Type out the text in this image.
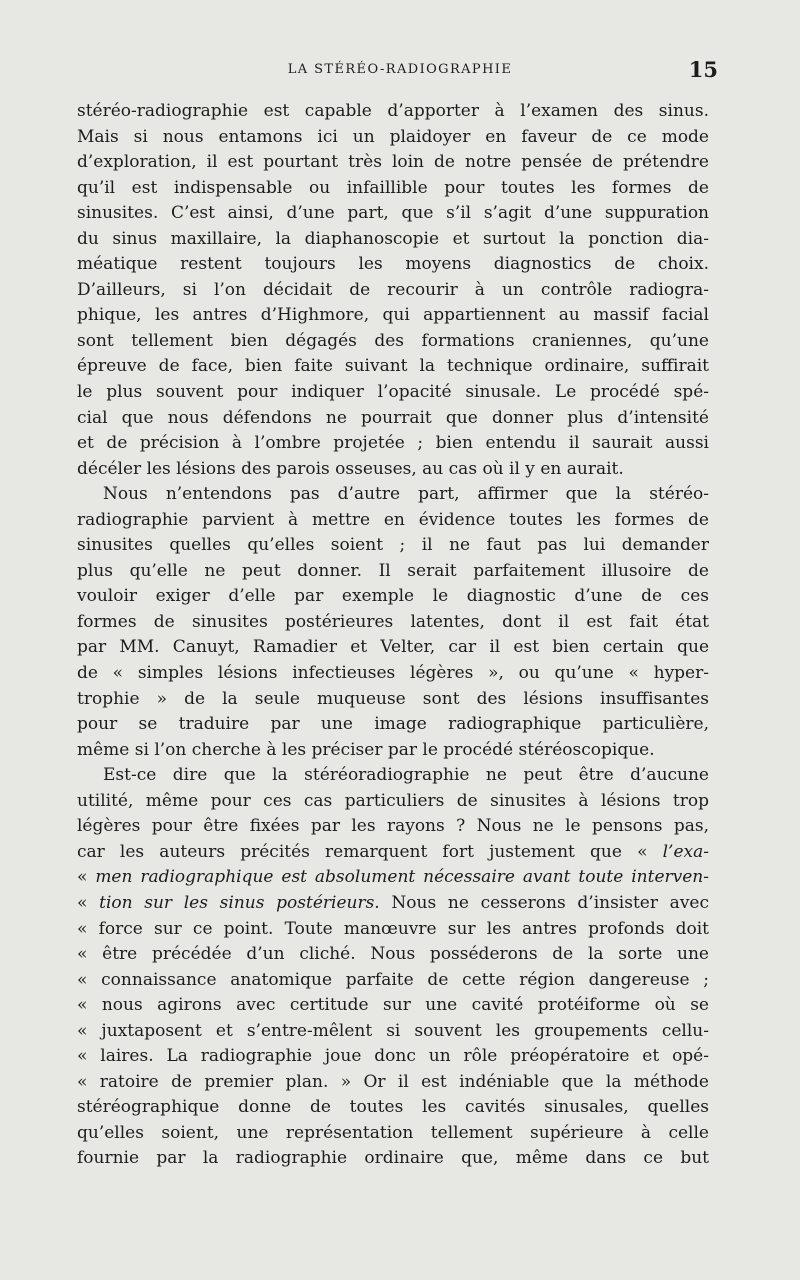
LA STÉRÉO-RADIOGRAPHIE	15
stéréo-radiographie est capable d’apporter à l’examen des sinus.
Mais si nous entamons ici un plaidoyer en faveur de ce mode
d’exploration, il est pourtant très loin de notre pensée de prétendre
qu’il est indispensable ou infaillible pour toutes les formes de
sinusites. C’est ainsi, d’une part, que s’il s’agit d’une suppuration
du sinus maxillaire, la diaphanoscopie et surtout la ponction dia-
méatique restent toujours les moyens diagnostics de choix.
D’ailleurs, si l’on décidait de recourir à un contrôle radiogra-
phique, les antres d’Highmore, qui appartiennent au massif facial
sont tellement bien dégagés des formations craniennes, qu’une
épreuve de face, bien faite suivant la technique ordinaire, suffirait
le plus souvent pour indiquer l’opacité sinusale. Le procédé spé-
cial que nous défendons ne pourrait que donner plus d’intensité
et de précision à l’ombre projetée ; bien entendu il saurait aussi
décéler les lésions des parois osseuses, au cas où il y en aurait.
Nous n’entendons pas d’autre part, affirmer que la stéréo-
radiographie parvient à mettre en évidence toutes les formes de
sinusites quelles qu’elles soient ; il ne faut pas lui demander
plus qu’elle ne peut donner. Il serait parfaitement illusoire de
vouloir exiger d’elle par exemple le diagnostic d’une de ces
formes de sinusites postérieures latentes, dont il est fait état
par MM. Canuyt, Ramadier et Velter, car il est bien certain que
de « simples lésions infectieuses légères », ou qu’une « hyper-
trophie » de la seule muqueuse sont des lésions insuffisantes
pour se traduire par une image radiographique particulière,
même si l’on cherche à les préciser par le procédé stéréoscopique.
Est-ce dire que la stéréoradiographie ne peut être d’aucune
utilité, même pour ces cas particuliers de sinusites à lésions trop
légères pour être fixées par les rayons ? Nous ne le pensons pas,
car les auteurs précités remarquent fort justement que « l’exa-
« men radiographique est absolument nécessaire avant toute interven-
« tion sur les sinus postérieurs. Nous ne cesserons d’insister avec
« force sur ce point. Toute manœuvre sur les antres profonds doit
« être précédée d’un cliché. Nous posséderons de la sorte une
« connaissance anatomique parfaite de cette région dangereuse ;
« nous agirons avec certitude sur une cavité protéiforme où se
« juxtaposent et s’entre-mêlent si souvent les groupements cellu-
« laires. La radiographie joue donc un rôle préopératoire et opé-
« ratoire de premier plan. » Or il est indéniable que la méthode
stéréographique donne de toutes les cavités sinusales, quelles
qu’elles soient, une représentation tellement supérieure à celle
fournie par la radiographie ordinaire que, même dans ce but
